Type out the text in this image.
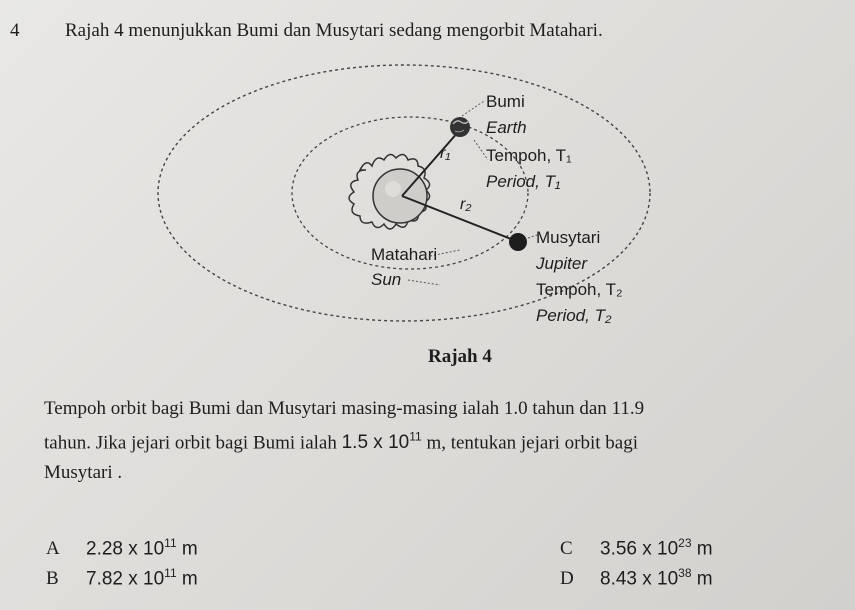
4 Rajah 4 menunjukkan Bumi dan Musytari sedang mengorbit Matahari.
Bumi
Earth
r₁ Tempoh, T₁
Period, T₁
r₂
Musytari
Jupiter
Matahari
Sun
Tempoh, T₂
Period, T₂
Rajah 4
Tempoh orbit bagi Bumi dan Musytari masing-masing ialah 1.0 tahun dan 11.9
tahun. Jika jejari orbit bagi Bumi ialah 1.5 x $10^{11}$ m, tentukan jejari orbit bagi
Musytari .
A 2.28 x $10^{11}$ m
B 7.82 x $10^{11}$ m
C 3.56 x $10^{23}$ m
D 8.43 x $10^{38}$ m
